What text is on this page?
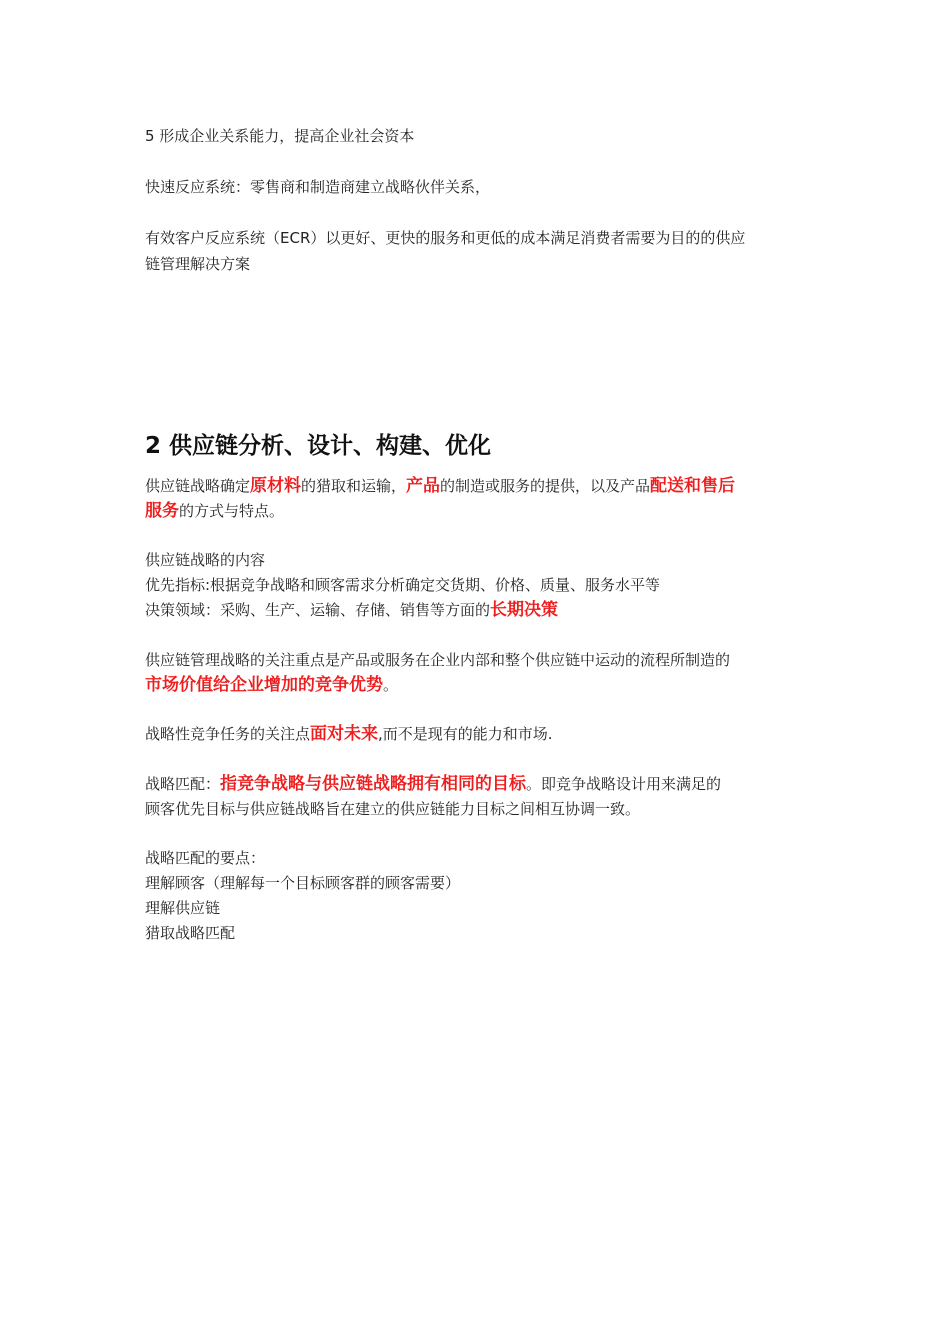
5 形成企业关系能力，提高企业社会资本
快速反应系统：零售商和制造商建立战略伙伴关系，
有效客户反应系统（ECR）以更好、更快的服务和更低的成本满足消费者需要为目的的供应
链管理解决方案
2 供应链分析、设计、构建、优化
供应链战略确定原材料的猎取和运输，产品的制造或服务的提供，以及产品配送和售后
服务的方式与特点。
供应链战略的内容
优先指标:根据竞争战略和顾客需求分析确定交货期、价格、质量、服务水平等
决策领域：采购、生产、运输、存储、销售等方面的长期决策
供应链管理战略的关注重点是产品或服务在企业内部和整个供应链中运动的流程所制造的
市场价值给企业增加的竞争优势。
战略性竞争任务的关注点面对未来,而不是现有的能力和市场.
战略匹配：指竞争战略与供应链战略拥有相同的目标。即竞争战略设计用来满足的
顾客优先目标与供应链战略旨在建立的供应链能力目标之间相互协调一致。
战略匹配的要点：
理解顾客（理解每一个目标顾客群的顾客需要）
理解供应链
猎取战略匹配
